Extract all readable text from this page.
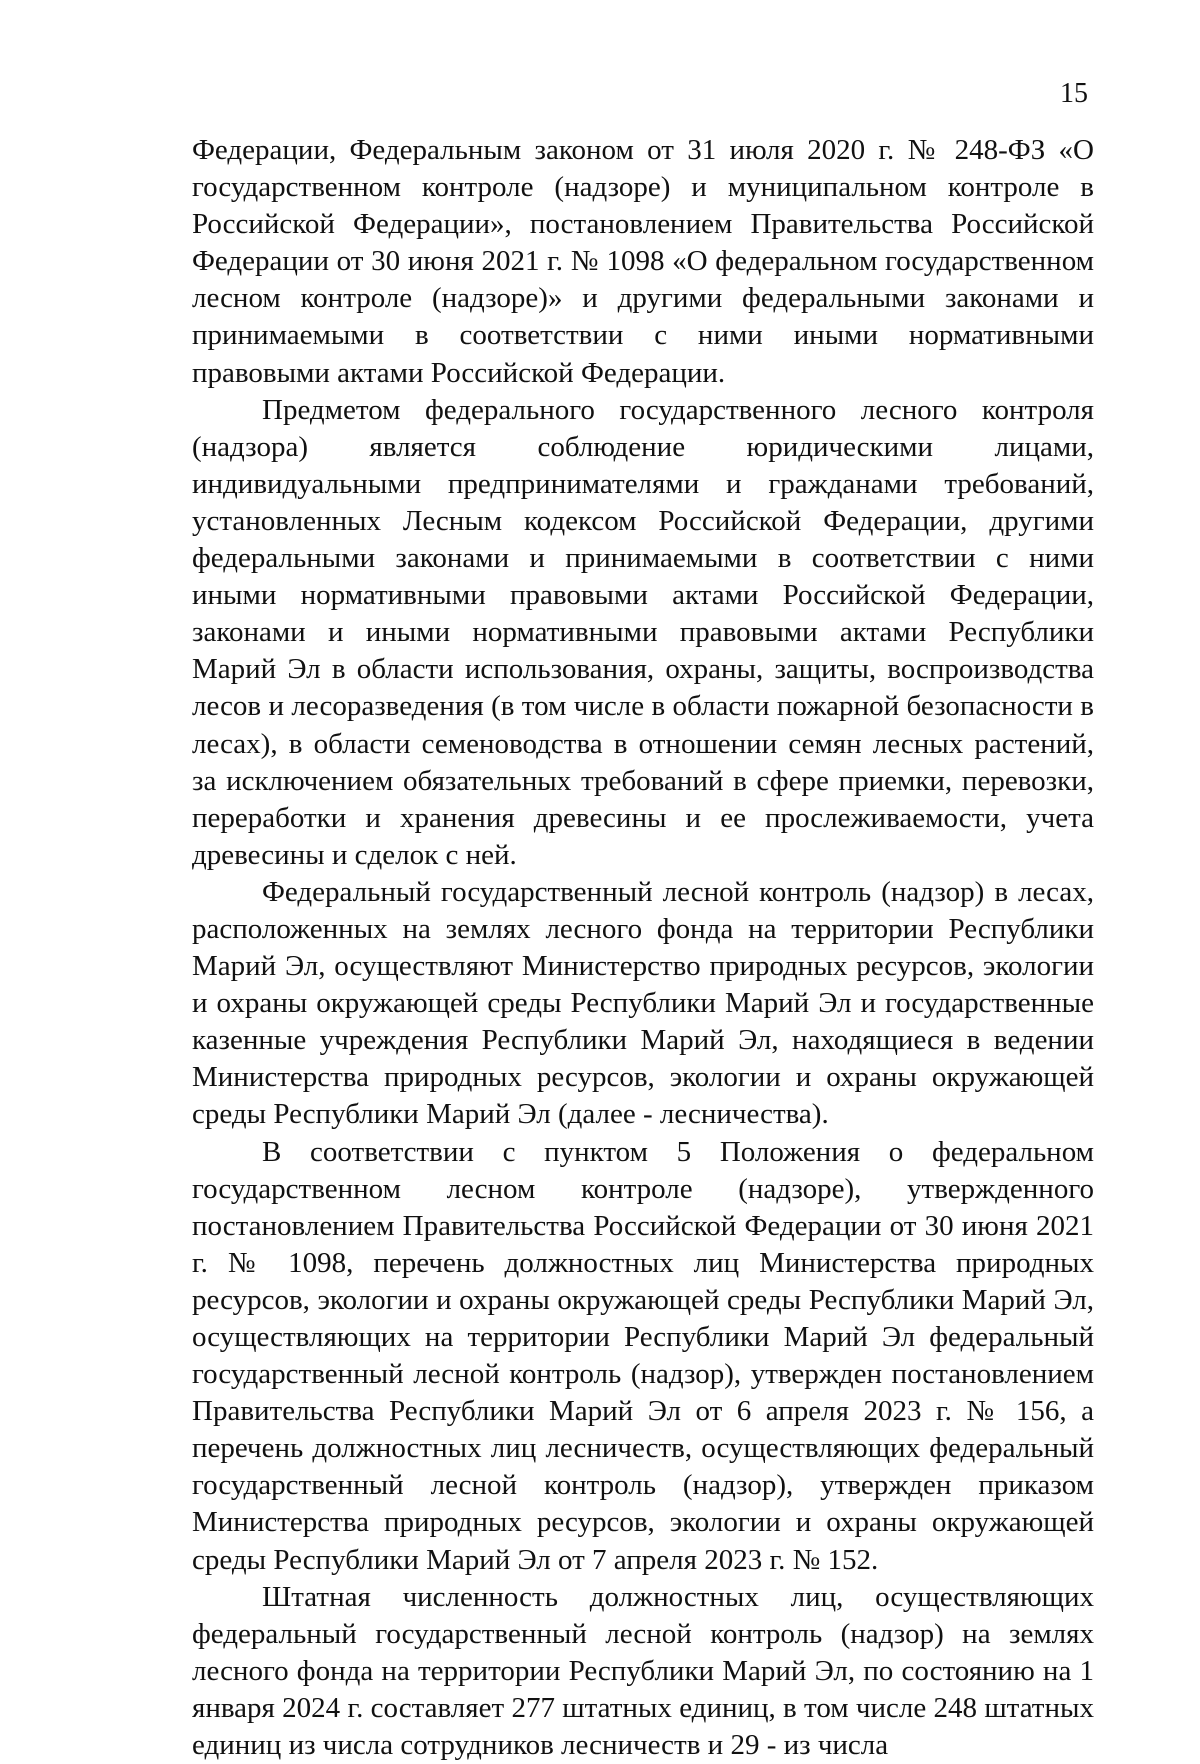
15

Федерации, Федеральным законом от 31 июля 2020 г. № 248-ФЗ «О государственном контроле (надзоре) и муниципальном контроле в Российской Федерации», постановлением Правительства Российской Федерации от 30 июня 2021 г. № 1098 «О федеральном государственном лесном контроле (надзоре)» и другими федеральными законами и принимаемыми в соответствии с ними иными нормативными правовыми актами Российской Федерации.

Предметом федерального государственного лесного контроля (надзора) является соблюдение юридическими лицами, индивидуальными предпринимателями и гражданами требований, установленных Лесным кодексом Российской Федерации, другими федеральными законами и принимаемыми в соответствии с ними иными нормативными правовыми актами Российской Федерации, законами и иными нормативными правовыми актами Республики Марий Эл в области использования, охраны, защиты, воспроизводства лесов и лесоразведения (в том числе в области пожарной безопасности в лесах), в области семеноводства в отношении семян лесных растений, за исключением обязательных требований в сфере приемки, перевозки, переработки и хранения древесины и ее прослеживаемости, учета древесины и сделок с ней.

Федеральный государственный лесной контроль (надзор) в лесах, расположенных на землях лесного фонда на территории Республики Марий Эл, осуществляют Министерство природных ресурсов, экологии и охраны окружающей среды Республики Марий Эл и государственные казенные учреждения Республики Марий Эл, находящиеся в ведении Министерства природных ресурсов, экологии и охраны окружающей среды Республики Марий Эл (далее - лесничества).

В соответствии с пунктом 5 Положения о федеральном государственном лесном контроле (надзоре), утвержденного постановлением Правительства Российской Федерации от 30 июня 2021 г. № 1098, перечень должностных лиц Министерства природных ресурсов, экологии и охраны окружающей среды Республики Марий Эл, осуществляющих на территории Республики Марий Эл федеральный государственный лесной контроль (надзор), утвержден постановлением Правительства Республики Марий Эл от 6 апреля 2023 г. № 156, а перечень должностных лиц лесничеств, осуществляющих федеральный государственный лесной контроль (надзор), утвержден приказом Министерства природных ресурсов, экологии и охраны окружающей среды Республики Марий Эл от 7 апреля 2023 г. № 152.

Штатная численность должностных лиц, осуществляющих федеральный государственный лесной контроль (надзор) на землях лесного фонда на территории Республики Марий Эл, по состоянию на 1 января 2024 г. составляет 277 штатных единиц, в том числе 248 штатных единиц из числа сотрудников лесничеств и 29 - из числа
